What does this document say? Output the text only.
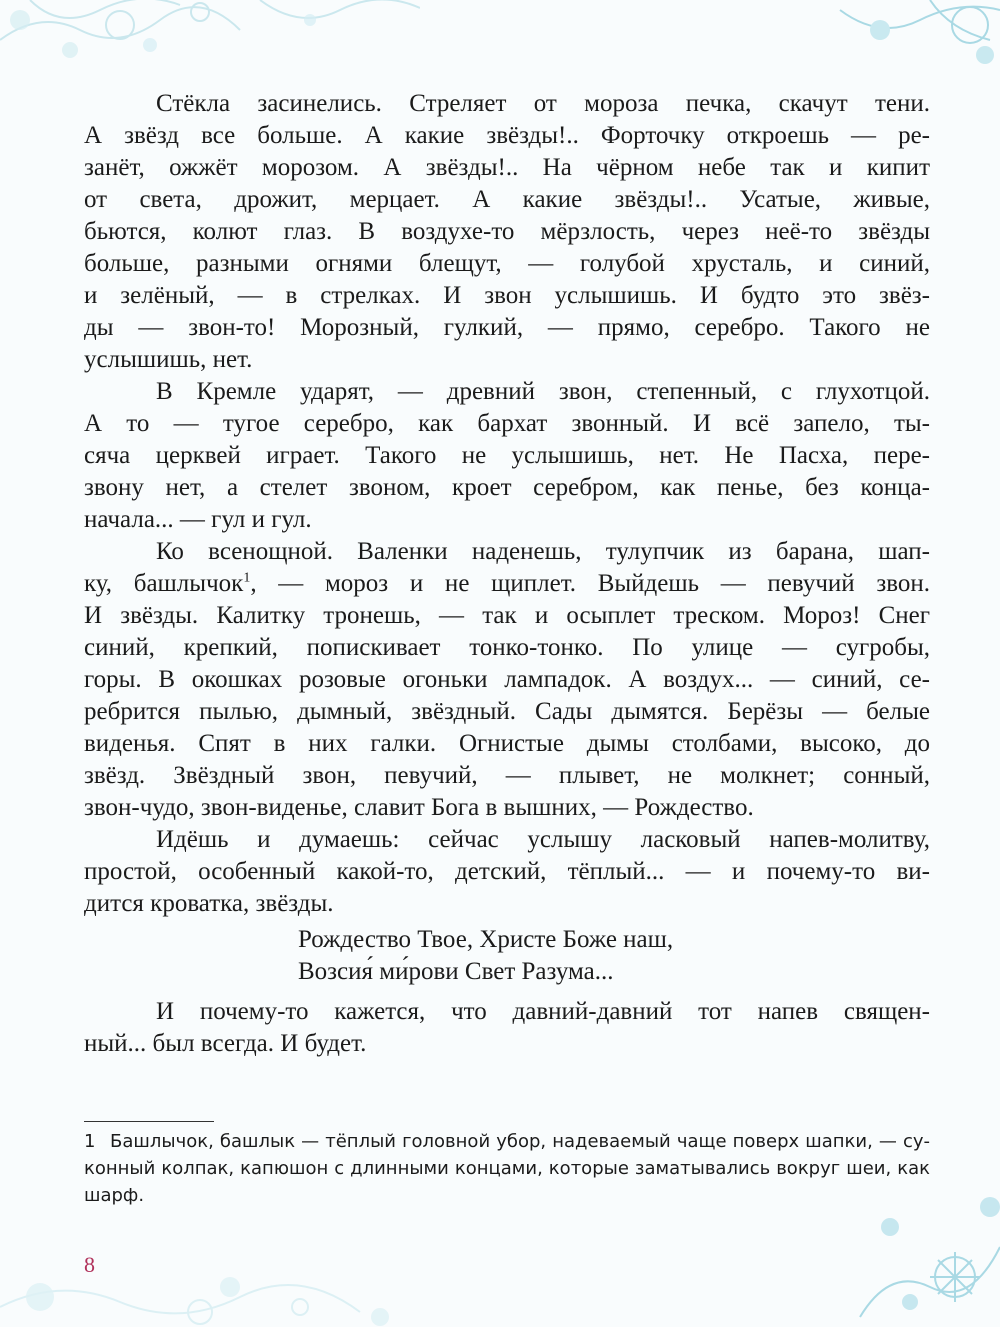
Стёкла засинелись. Стреляет от мороза печка, скачут тени.
А звёзд все больше. А какие звёзды!.. Форточку откроешь — ре-
занёт, ожжёт морозом. А звёзды!.. На чёрном небе так и кипит
от света, дрожит, мерцает. А какие звёзды!.. Усатые, живые,
бьются, колют глаз. В воздухе-то мёрзлость, через неё-то звёзды
больше, разными огнями блещут, — голубой хрусталь, и синий,
и зелёный, — в стрелках. И звон услышишь. И будто это звёз-
ды — звон-то! Морозный, гулкий, — прямо, серебро. Такого не
услышишь, нет.
В Кремле ударят, — древний звон, степенный, с глухотцой.
А то — тугое серебро, как бархат звонный. И всё запело, ты-
сяча церквей играет. Такого не услышишь, нет. Не Пасха, пере-
звону нет, а стелет звоном, кроет серебром, как пенье, без конца-
начала... — гул и гул.
Ко всенощной. Валенки наденешь, тулупчик из барана, шап-
ку, башлычок$^1$, — мороз и не щиплет. Выйдешь — певучий звон.
И звёзды. Калитку тронешь, — так и осыплет треском. Мороз! Снег
синий, крепкий, попискивает тонко-тонко. По улице — сугробы,
горы. В окошках розовые огоньки лампадок. А воздух... — синий, се-
ребрится пылью, дымный, звёздный. Сады дымятся. Берёзы — белые
виденья. Спят в них галки. Огнистые дымы столбами, высоко, до
звёзд. Звёздный звон, певучий, — плывет, не молкнет; сонный,
звон-чудо, звон-виденье, славит Бога в вышних, — Рождество.
Идёшь и думаешь: сейчас услышу ласковый напев-молитву,
простой, особенный какой-то, детский, тёплый... — и почему-то ви-
дится кроватка, звёзды.
Рождество Твое, Христе Боже наш,
Возсия́ ми́рови Свет Разума...
И почему-то кажется, что давний-давний тот напев священ-
ный... был всегда. И будет.
1 Башлычок, башлык — тёплый головной убор, надеваемый чаще поверх шапки, — су-
конный колпак, капюшон с длинными концами, которые заматывались вокруг шеи, как
шарф.
8
